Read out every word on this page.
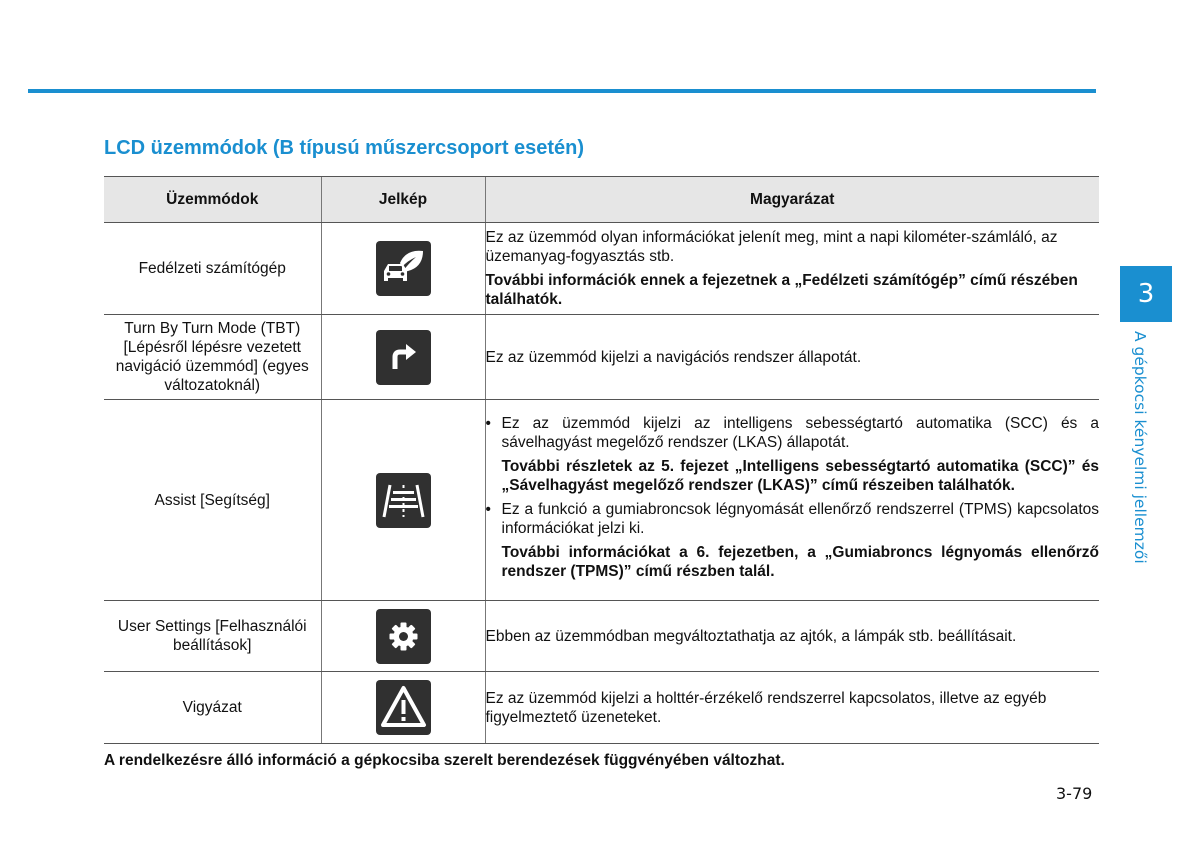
LCD üzemmódok (B típusú műszercsoport esetén)
Üzemmódok	Jelkép	Magyarázat
Fedélzeti számítógép		Ez az üzemmód olyan információkat jelenít meg, mint a napi kilométer-számláló, az üzemanyag-fogyasztás stb.

További információk ennek a fejezetnek a „Fedélzeti számítógép” című részében találhatók.

Turn By Turn Mode (TBT) [Lépésről lépésre vezetett navigáció üzemmód] (egyes változatoknál)		Ez az üzemmód kijelzi a navigációs rendszer állapotát.
Assist [Segítség]		• Ez az üzemmód kijelzi az intelligens sebességtartó automatika (SCC) és a sávelhagyást megelőző rendszer (LKAS) állapotát.
További részletek az 5. fejezet „Intelligens sebességtartó automatika (SCC)” és „Sávelhagyást megelőző rendszer (LKAS)” című részeiben találhatók.
• Ez a funkció a gumiabroncsok légnyomását ellenőrző rendszerrel (TPMS) kapcsolatos információkat jelzi ki.
További információkat a 6. fejezetben, a „Gumiabroncs légnyomás ellenőrző rendszer (TPMS)” című részben talál.

User Settings [Felhasználói beállítások]		Ebben az üzemmódban megváltoztathatja az ajtók, a lámpák stb. beállításait.
Vigyázat		Ez az üzemmód kijelzi a holttér-érzékelő rendszerrel kapcsolatos, illetve az egyéb figyelmeztető üzeneteket.
A rendelkezésre álló információ a gépkocsiba szerelt berendezések függvényében változhat.
3-79
3
A gépkocsi kényelmi jellemzői
